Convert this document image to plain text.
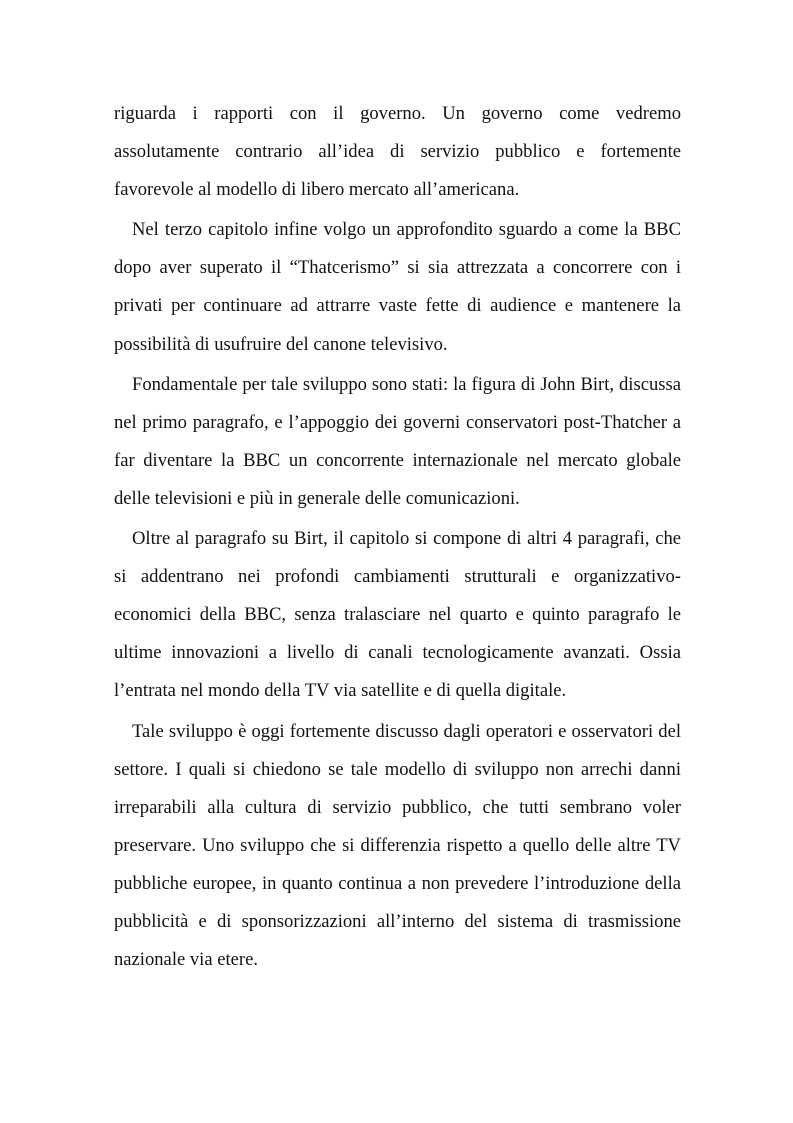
riguarda i rapporti con il governo. Un governo come vedremo
assolutamente contrario all’idea di servizio pubblico e fortemente
favorevole al modello di libero mercato all’americana.

Nel terzo capitolo infine volgo un approfondito sguardo a come la BBC
dopo aver superato il “Thatcerismo” si sia attrezzata a concorrere con i
privati per continuare ad attrarre vaste fette di audience e mantenere la
possibilità di usufruire del canone televisivo.

Fondamentale per tale sviluppo sono stati: la figura di John Birt, discussa
nel primo paragrafo, e l’appoggio dei governi conservatori post-Thatcher a
far diventare la BBC un concorrente internazionale nel mercato globale
delle televisioni e più in generale delle comunicazioni.

Oltre al paragrafo su Birt, il capitolo si compone di altri 4 paragrafi, che
si addentrano nei profondi cambiamenti strutturali e organizzativo-
economici della BBC, senza tralasciare nel quarto e quinto paragrafo le
ultime innovazioni a livello di canali tecnologicamente avanzati. Ossia
l’entrata nel mondo della TV via satellite e di quella digitale.

Tale sviluppo è oggi fortemente discusso dagli operatori e osservatori del
settore. I quali si chiedono se tale modello di sviluppo non arrechi danni
irreparabili alla cultura di servizio pubblico, che tutti sembrano voler
preservare. Uno sviluppo che si differenzia rispetto a quello delle altre TV
pubbliche europee, in quanto continua a non prevedere l’introduzione della
pubblicità e di sponsorizzazioni all’interno del sistema di trasmissione
nazionale via etere.
